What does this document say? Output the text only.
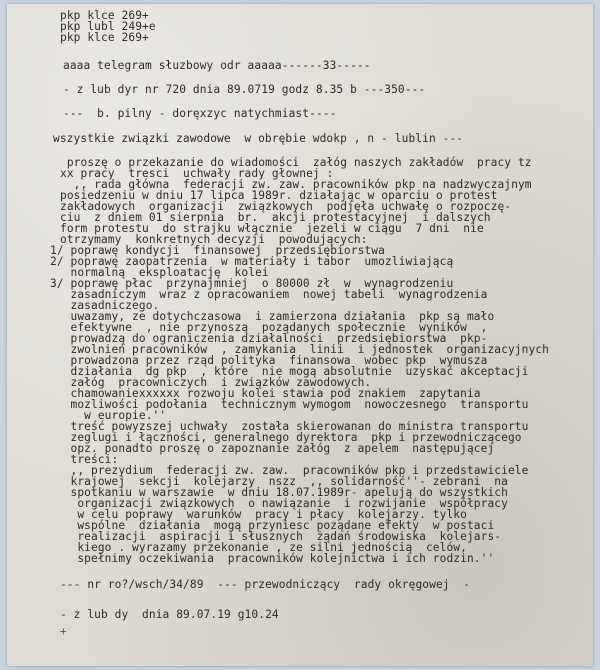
pkp klce 269+
pkp lubl 249+e
pkp klce 269+
aaaa telegram słuzbowy odr aaaaa------33-----
- z lub dyr nr 720 dnia 89.0719 godz 8.35 b ---350---
---  b. pilny - doręxzyc natychmiast----
wszystkie związki zawodowe  w obrębie wdokp , n - lublin ---
proszę o przekazanie do wiadomości  załóg naszych zakładów  pracy tz
xx pracy  tresci  uchwały rady głownej :
,, rada główna  federacji zw. zaw. pracowników pkp na nadzwyczajnym
posiedzeniu w dniu 17 lipca 1989r. działając w oparciu o protest
zakładowych  organizacji  związkowych  podjęła uchwałę o rozpoczę-
ciu  z dniem 01 sierpnia  br.  akcji protestacyjnej  i dalszych
form protestu  do strajku włącznie  jezeli w ciągu  7 dni  nie
otrzymamy  konkretnych decyzji  powodujących:
1/ poprawę kondycji  finansowej  przedsiębiorstwa
2/ poprawę zaopatrzenia  w materiały i tabor  umozliwiającą
normalną  eksploatację  kolei
3/ poprawę płac  przynajmniej  o 80000 zł  w  wynagrodzeniu
zasadniczym  wraz z opracowaniem  nowej tabeli  wynagrodzenia
zasadniczego.
uwazamy, ze dotychczasowa  i zamierzona działania  pkp są mało
efektywne  , nie przynoszą  poządanych społecznie  wyników  ,
prowadzą do ograniczenia działalności  przedsiębiorstwa  pkp-
zwolnień pracowników  , zamykania  linii  i jednostek  organizacyjnych
prowadzona przez rząd polityka  finansowa  wobec pkp  wymusza
działania  dg pkp  , które  nie mogą absolutnie  uzyskać akceptacji
załóg  pracowniczych  i związków zawodowych.
chamowaniexxxxxx rozwoju kolei stawia pod znakiem  zapytania
mozliwości podołania  technicznym wymogom  nowoczesnego  transportu
w europie.''
treść powyzszej uchwały  została skierowanan do ministra transportu
zeglugi i łączności, generalnego dyrektora  pkp i przewodniczącego
opz. ponadto proszę o zapoznanie załóg  z apelem  następującej
treści:
,, prezydium  federacji zw. zaw.  pracowników pkp i przedstawiciele
krajowej  sekcji  kolejarzy  nszz  ,, solidarność''- zebrani  na
spotkaniu w warszawie  w dniu 18.07.1989r- apelują do wszystkich
organizacji związkowych  o nawiązanie  i rozwijanie  współpracy
w celu poprawy  warunków  pracy i płacy  kolejarzy. tylko
wspólne  działania  mogą przyniesc poządane efekty  w postaci
realizacji  aspiracji i słusznych  żądań środowiska  kolejars-
kiego . wyrazamy przekonanie , ze silni jednością  celów,
spełnimy oczekiwania  pracowników kolejnictwa i ich rodzin.''
--- nr ro?/wsch/34/89  --- przewodniczący  rady okręgowej  -
- z lub dy  dnia 89.07.19 g10.24
+
